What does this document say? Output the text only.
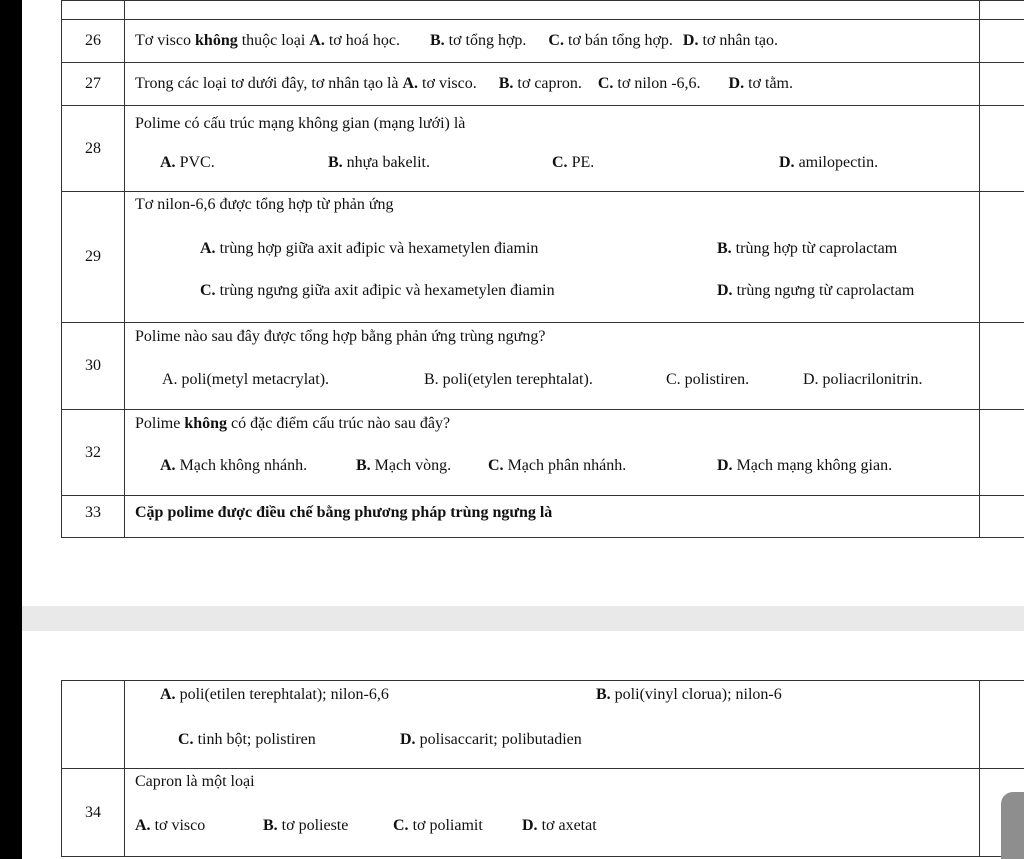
26	Tơ visco không thuộc loại A. tơ hoá học. B. tơ tổng hợp. C. tơ bán tổng hợp. D. tơ nhân tạo.	

27	Trong các loại tơ dưới đây, tơ nhân tạo là A. tơ visco. B. tơ capron. C. tơ nilon -6,6. D. tơ tằm.	

28	Polime có cấu trúc mạng không gian (mạng lưới) là
A. PVC. B. nhựa bakelit. C. PE. D. amilopectin.	

29	Tơ nilon-6,6 được tổng hợp từ phản ứng
A. trùng hợp giữa axit ađipic và hexametylen điamin B. trùng hợp từ caprolactam
C. trùng ngưng giữa axit ađipic và hexametylen điamin D. trùng ngưng từ caprolactam	

30	Polime nào sau đây được tổng hợp bằng phản ứng trùng ngưng?
A. poli(metyl metacrylat). B. poli(etylen terephtalat). C. polistiren. D. poliacrilonitrin.	

32	Polime không có đặc điểm cấu trúc nào sau đây?
A. Mạch không nhánh. B. Mạch vòng. C. Mạch phân nhánh. D. Mạch mạng không gian.	

33	Cặp polime được điều chế bằng phương pháp trùng ngưng là	

	A. poli(etilen terephtalat); nilon-6,6 B. poli(vinyl clorua); nilon-6
C. tinh bột; polistiren D. polisaccarit; polibutadien	

34	Capron là một loại
A. tơ visco B. tơ polieste C. tơ poliamit D. tơ axetat	
